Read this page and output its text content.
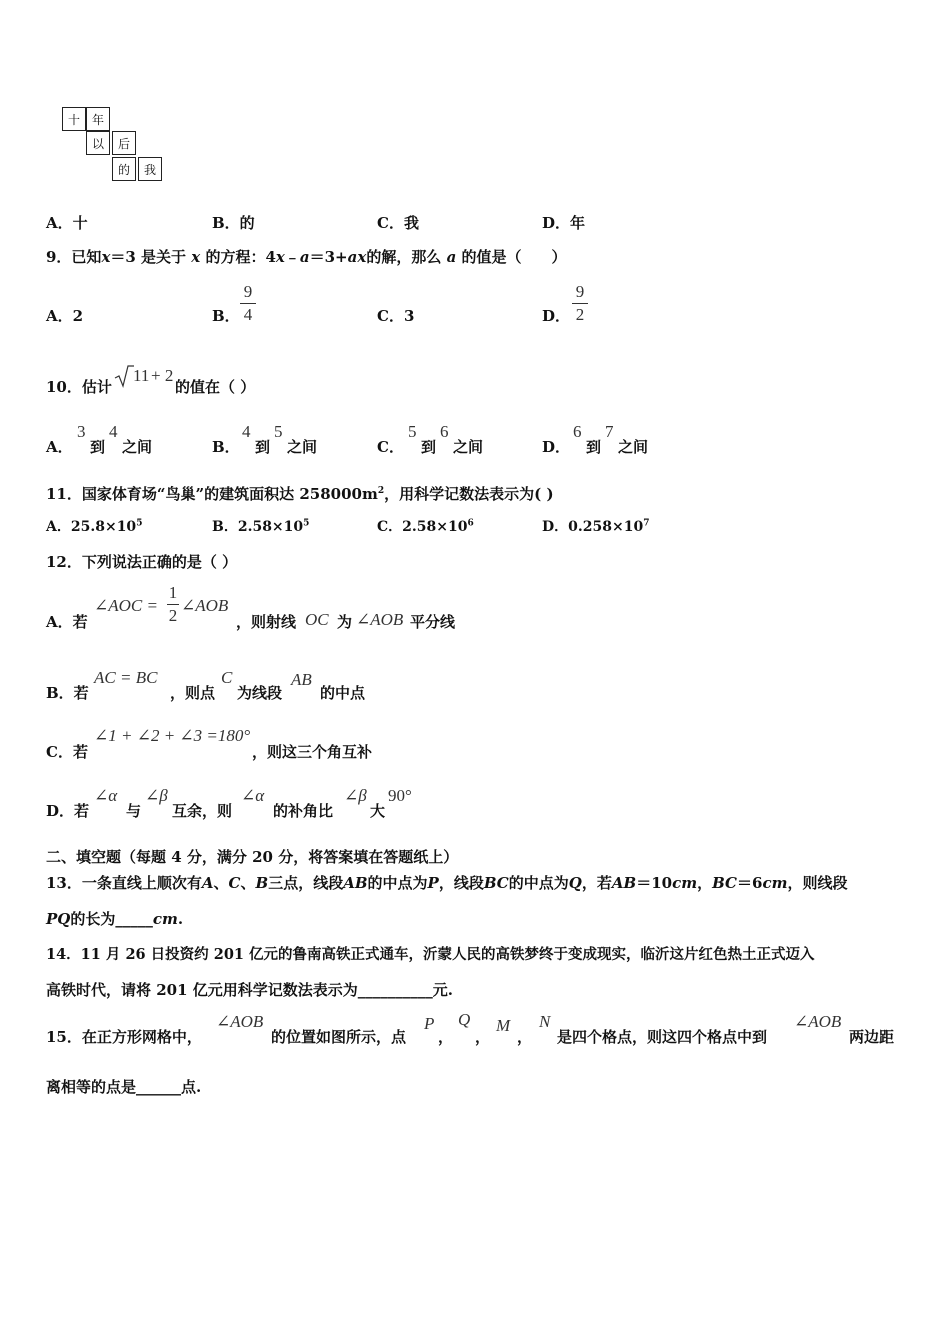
十 年
以	后
的	我
A．十	B．的	C．我	D．年
9．已知x＝3 是关于 x 的方程：4x﹣a＝3+ax的解，那么 a 的值是（　　）
A．2	B．
9
4	C．3	D．
9
2
10．估计
11 + 2
的值在（ ）
A．
3
到
4
之间	B．
4
到
5
之间	C．
5
到
6
之间	D．
6
到
7
之间
11．国家体育场“鸟巢”的建筑面积达 $258000m^2$，用科学记数法表示为( )
A．$25.8\times 10^5$	B．$2.58\times 10^5$	C．$2.58\times 10^6$	D．$0.258\times 10^7$
12．下列说法正确的是（ ）
A．若
∠AOC =
1
2
∠AOB
，则射线 OC 为 ∠AOB 平分线
B．若
AC = BC
，则点
C
为线段
AB
的中点
C．若
∠1 + ∠2 + ∠3 =180°
，则这三个角互补
D．若
∠α
与
∠β
互余，则
∠α
的补角比
∠β
大
90°
二、填空题（每题 4 分，满分 20 分，将答案填在答题纸上）
13．一条直线上顺次有A、C、B三点，线段AB的中点为P，线段BC的中点为Q，若AB＝10cm，BC＝6cm，则线段
PQ的长为_____cm.
14．11 月 26 日投资约 201 亿元的鲁南高铁正式通车，沂蒙人民的高铁梦终于变成现实，临沂这片红色热土正式迈入
高铁时代，请将 201 亿元用科学记数法表示为__________元.
15．在正方形网格中，
∠AOB
的位置如图所示，点
P
，
Q
，
M
，
N
是四个格点，则这四个格点中到
∠AOB
两边距
离相等的点是______点.
